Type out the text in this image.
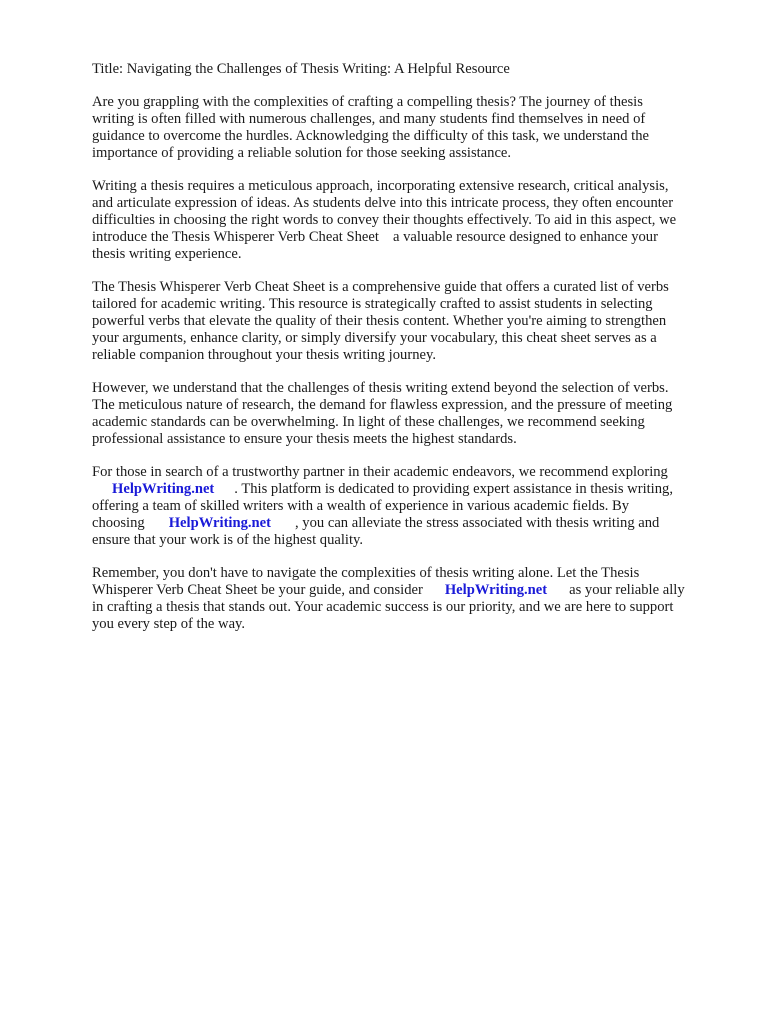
Title: Navigating the Challenges of Thesis Writing: A Helpful Resource
Are you grappling with the complexities of crafting a compelling thesis? The journey of thesis
writing is often filled with numerous challenges, and many students find themselves in need of
guidance to overcome the hurdles. Acknowledging the difficulty of this task, we understand the
importance of providing a reliable solution for those seeking assistance.
Writing a thesis requires a meticulous approach, incorporating extensive research, critical analysis,
and articulate expression of ideas. As students delve into this intricate process, they often encounter
difficulties in choosing the right words to convey their thoughts effectively. To aid in this aspect, we
introduce the Thesis Whisperer Verb Cheat Sheet a valuable resource designed to enhance your
thesis writing experience.
The Thesis Whisperer Verb Cheat Sheet is a comprehensive guide that offers a curated list of verbs
tailored for academic writing. This resource is strategically crafted to assist students in selecting
powerful verbs that elevate the quality of their thesis content. Whether you're aiming to strengthen
your arguments, enhance clarity, or simply diversify your vocabulary, this cheat sheet serves as a
reliable companion throughout your thesis writing journey.
However, we understand that the challenges of thesis writing extend beyond the selection of verbs.
The meticulous nature of research, the demand for flawless expression, and the pressure of meeting
academic standards can be overwhelming. In light of these challenges, we recommend seeking
professional assistance to ensure your thesis meets the highest standards.
For those in search of a trustworthy partner in their academic endeavors, we recommend exploring
HelpWriting.net . This platform is dedicated to providing expert assistance in thesis writing,
offering a team of skilled writers with a wealth of experience in various academic fields. By
choosing HelpWriting.net , you can alleviate the stress associated with thesis writing and
ensure that your work is of the highest quality.
Remember, you don't have to navigate the complexities of thesis writing alone. Let the Thesis
Whisperer Verb Cheat Sheet be your guide, and consider HelpWriting.net as your reliable ally
in crafting a thesis that stands out. Your academic success is our priority, and we are here to support
you every step of the way.
